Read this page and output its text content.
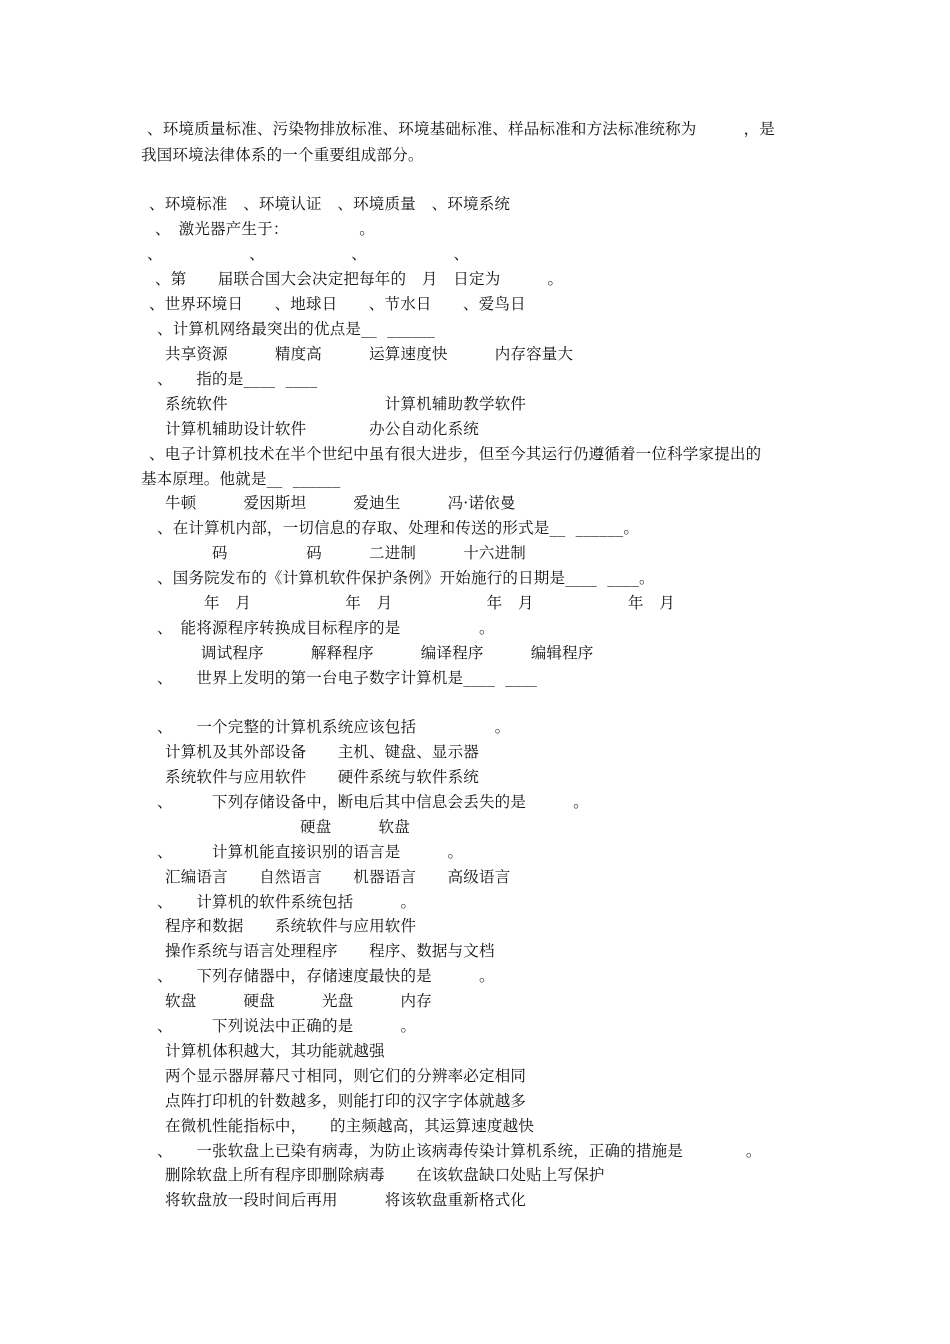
、环境质量标准、污染物排放标准、环境基础标准、样品标准和方法标准统称为　　　，是
我国环境法律体系的一个重要组成部分。
、环境标准　、环境认证　、环境质量　、环境系统
、　激光器产生于：　　　　　。
、　　　　　　、　　　　　　、　　　　　　、
、第　　届联合国大会决定把每年的　月　日定为　　　。
、世界环境日　　、地球日　　、节水日　　、爱鸟日
、计算机网络最突出的优点是__  ______
共享资源　　　精度高　　　运算速度快　　　内存容量大
、　　指的是____  ____
系统软件　　　　　　　　　　计算机辅助教学软件
计算机辅助设计软件　　　　办公自动化系统
、电子计算机技术在半个世纪中虽有很大进步，但至今其运行仍遵循着一位科学家提出的
基本原理。他就是__  ______
牛顿　　　爱因斯坦　　　爱迪生　　　冯·诺依曼
、在计算机内部，一切信息的存取、处理和传送的形式是__  ______。
码　　　　　码　　　二进制　　　十六进制
、国务院发布的《计算机软件保护条例》开始施行的日期是____  ____。
年　月　　　　　　年　月　　　　　　年　月　　　　　　年　月
、　能将源程序转换成目标程序的是　　　　　。
调试程序　　　解释程序　　　编译程序　　　编辑程序
、　　世界上发明的第一台电子数字计算机是____  ____
、　　一个完整的计算机系统应该包括　　　　　。
计算机及其外部设备　　主机、键盘、显示器
系统软件与应用软件　　硬件系统与软件系统
、　　　下列存储设备中，断电后其中信息会丢失的是　　　。
硬盘　　　软盘
、　　　计算机能直接识别的语言是　　　。
汇编语言　　自然语言　　机器语言　　高级语言
、　　计算机的软件系统包括　　　。
程序和数据　　系统软件与应用软件
操作系统与语言处理程序　　程序、数据与文档
、　　下列存储器中，存储速度最快的是　　　。
软盘　　　硬盘　　　光盘　　　内存
、　　　下列说法中正确的是　　　。
计算机体积越大，其功能就越强
两个显示器屏幕尺寸相同，则它们的分辨率必定相同
点阵打印机的针数越多，则能打印的汉字字体就越多
在微机性能指标中，　　的主频越高，其运算速度越快
、　　一张软盘上已染有病毒，为防止该病毒传染计算机系统，正确的措施是　　　　。
删除软盘上所有程序即删除病毒　　在该软盘缺口处贴上写保护
将软盘放一段时间后再用　　　将该软盘重新格式化
